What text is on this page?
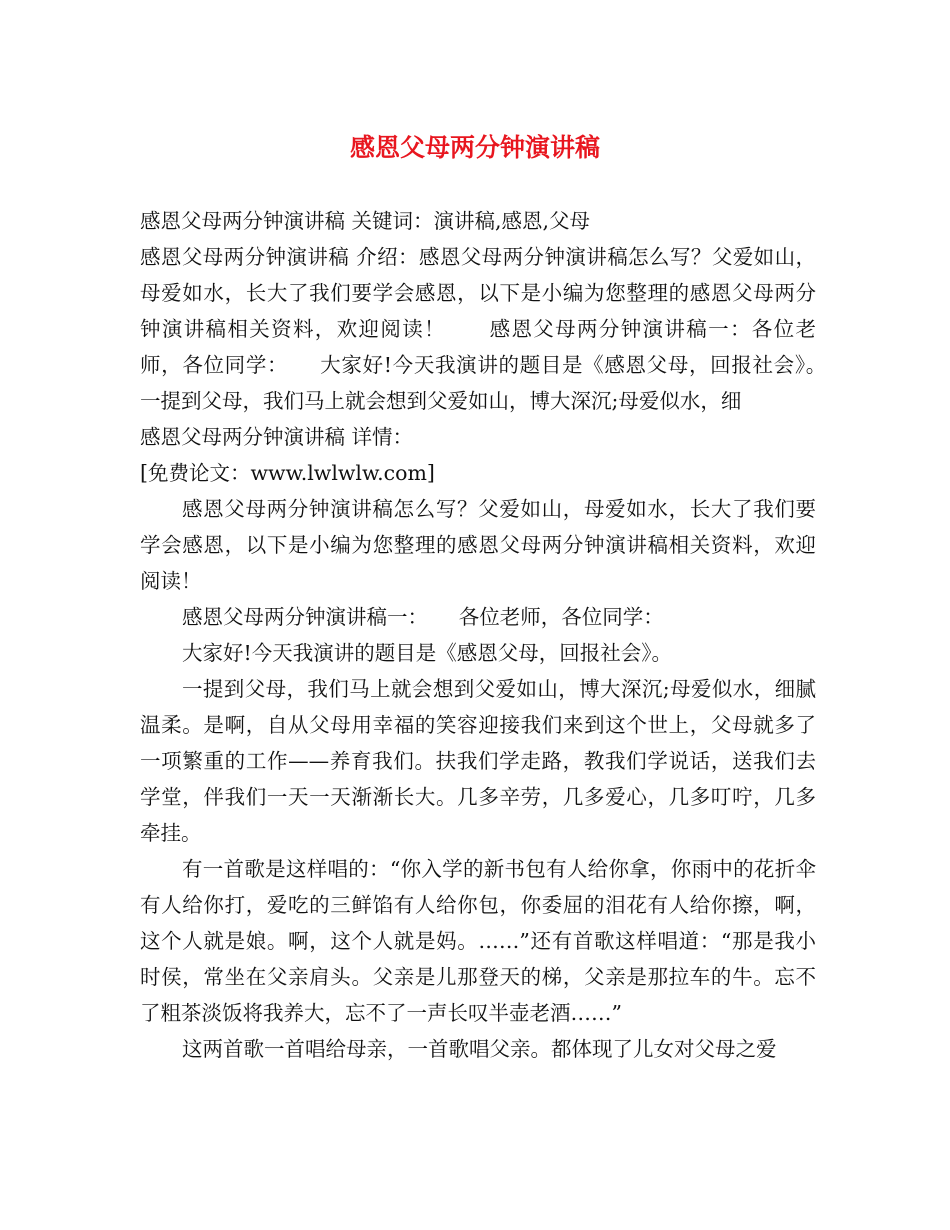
感恩父母两分钟演讲稿
感恩父母两分钟演讲稿 关键词：演讲稿,感恩,父母

感恩父母两分钟演讲稿 介绍：感恩父母两分钟演讲稿怎么写？父爱如山，母爱如水，长大了我们要学会感恩，以下是小编为您整理的感恩父母两分钟演讲稿相关资料，欢迎阅读！　　感恩父母两分钟演讲稿一：各位老师，各位同学：　　大家好!今天我演讲的题目是《感恩父母，回报社会》。　　一提到父母，我们马上就会想到父爱如山，博大深沉;母爱似水，细

感恩父母两分钟演讲稿 详情：
[免费论文：www.lwlwlw.com]

感恩父母两分钟演讲稿怎么写？父爱如山，母爱如水，长大了我们要学会感恩，以下是小编为您整理的感恩父母两分钟演讲稿相关资料，欢迎阅读！

感恩父母两分钟演讲稿一：　　各位老师，各位同学：

大家好!今天我演讲的题目是《感恩父母，回报社会》。

一提到父母，我们马上就会想到父爱如山，博大深沉;母爱似水，细腻温柔。是啊，自从父母用幸福的笑容迎接我们来到这个世上，父母就多了一项繁重的工作——养育我们。扶我们学走路，教我们学说话，送我们去学堂，伴我们一天一天渐渐长大。几多辛劳，几多爱心，几多叮咛，几多牵挂。

有一首歌是这样唱的：“你入学的新书包有人给你拿，你雨中的花折伞有人给你打，爱吃的三鲜馅有人给你包，你委屈的泪花有人给你擦，啊，这个人就是娘。啊，这个人就是妈。……”还有首歌这样唱道：“那是我小时侯，常坐在父亲肩头。父亲是儿那登天的梯，父亲是那拉车的牛。忘不了粗茶淡饭将我养大，忘不了一声长叹半壶老酒……”

这两首歌一首唱给母亲，一首歌唱父亲。都体现了儿女对父母之爱
